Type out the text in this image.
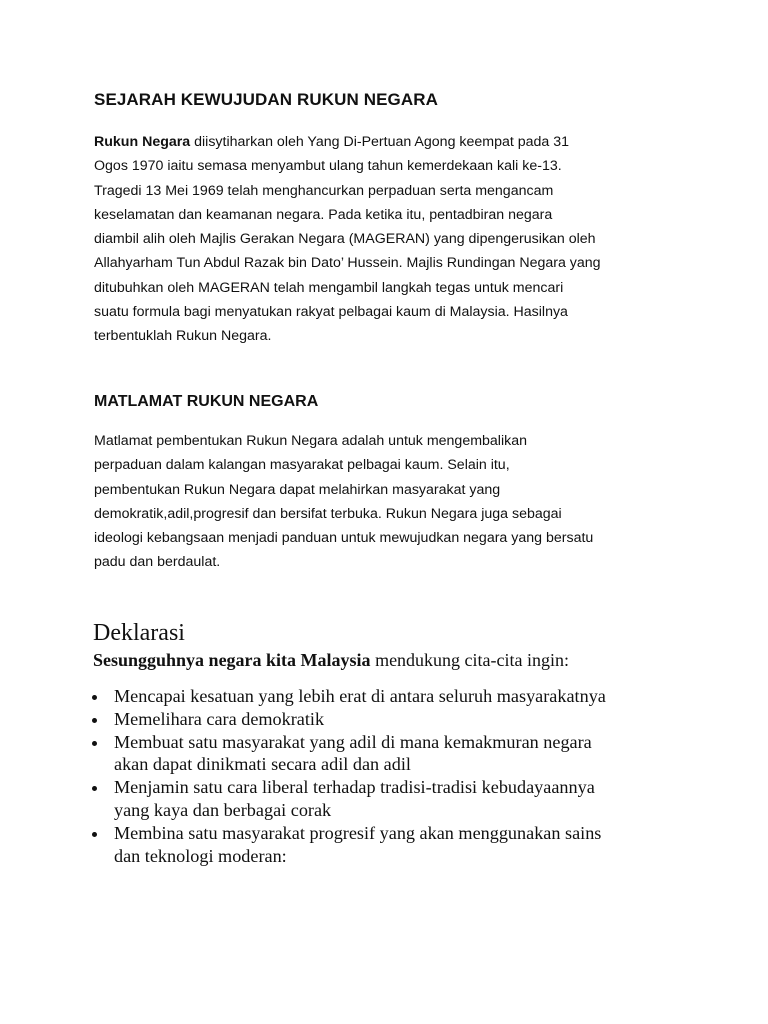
SEJARAH KEWUJUDAN RUKUN NEGARA
Rukun Negara diisytiharkan oleh Yang Di-Pertuan Agong keempat pada 31
Ogos 1970 iaitu semasa menyambut ulang tahun kemerdekaan kali ke-13.
Tragedi 13 Mei 1969 telah menghancurkan perpaduan serta mengancam
keselamatan dan keamanan negara. Pada ketika itu, pentadbiran negara
diambil alih oleh Majlis Gerakan Negara (MAGERAN) yang dipengerusikan oleh
Allahyarham Tun Abdul Razak bin Dato’ Hussein. Majlis Rundingan Negara yang
ditubuhkan oleh MAGERAN telah mengambil langkah tegas untuk mencari
suatu formula bagi menyatukan rakyat pelbagai kaum di Malaysia. Hasilnya
terbentuklah Rukun Negara.
MATLAMAT RUKUN NEGARA
Matlamat pembentukan Rukun Negara adalah untuk mengembalikan
perpaduan dalam kalangan masyarakat pelbagai kaum. Selain itu,
pembentukan Rukun Negara dapat melahirkan masyarakat yang
demokratik,adil,progresif dan bersifat terbuka. Rukun Negara juga sebagai
ideologi kebangsaan menjadi panduan untuk mewujudkan negara yang bersatu
padu dan berdaulat.
Deklarasi
Sesungguhnya negara kita Malaysia mendukung cita-cita ingin:
Mencapai kesatuan yang lebih erat di antara seluruh masyarakatnya
Memelihara cara demokratik
Membuat satu masyarakat yang adil di mana kemakmuran negara
akan dapat dinikmati secara adil dan adil
Menjamin satu cara liberal terhadap tradisi-tradisi kebudayaannya
yang kaya dan berbagai corak
Membina satu masyarakat progresif yang akan menggunakan sains
dan teknologi moderan:
